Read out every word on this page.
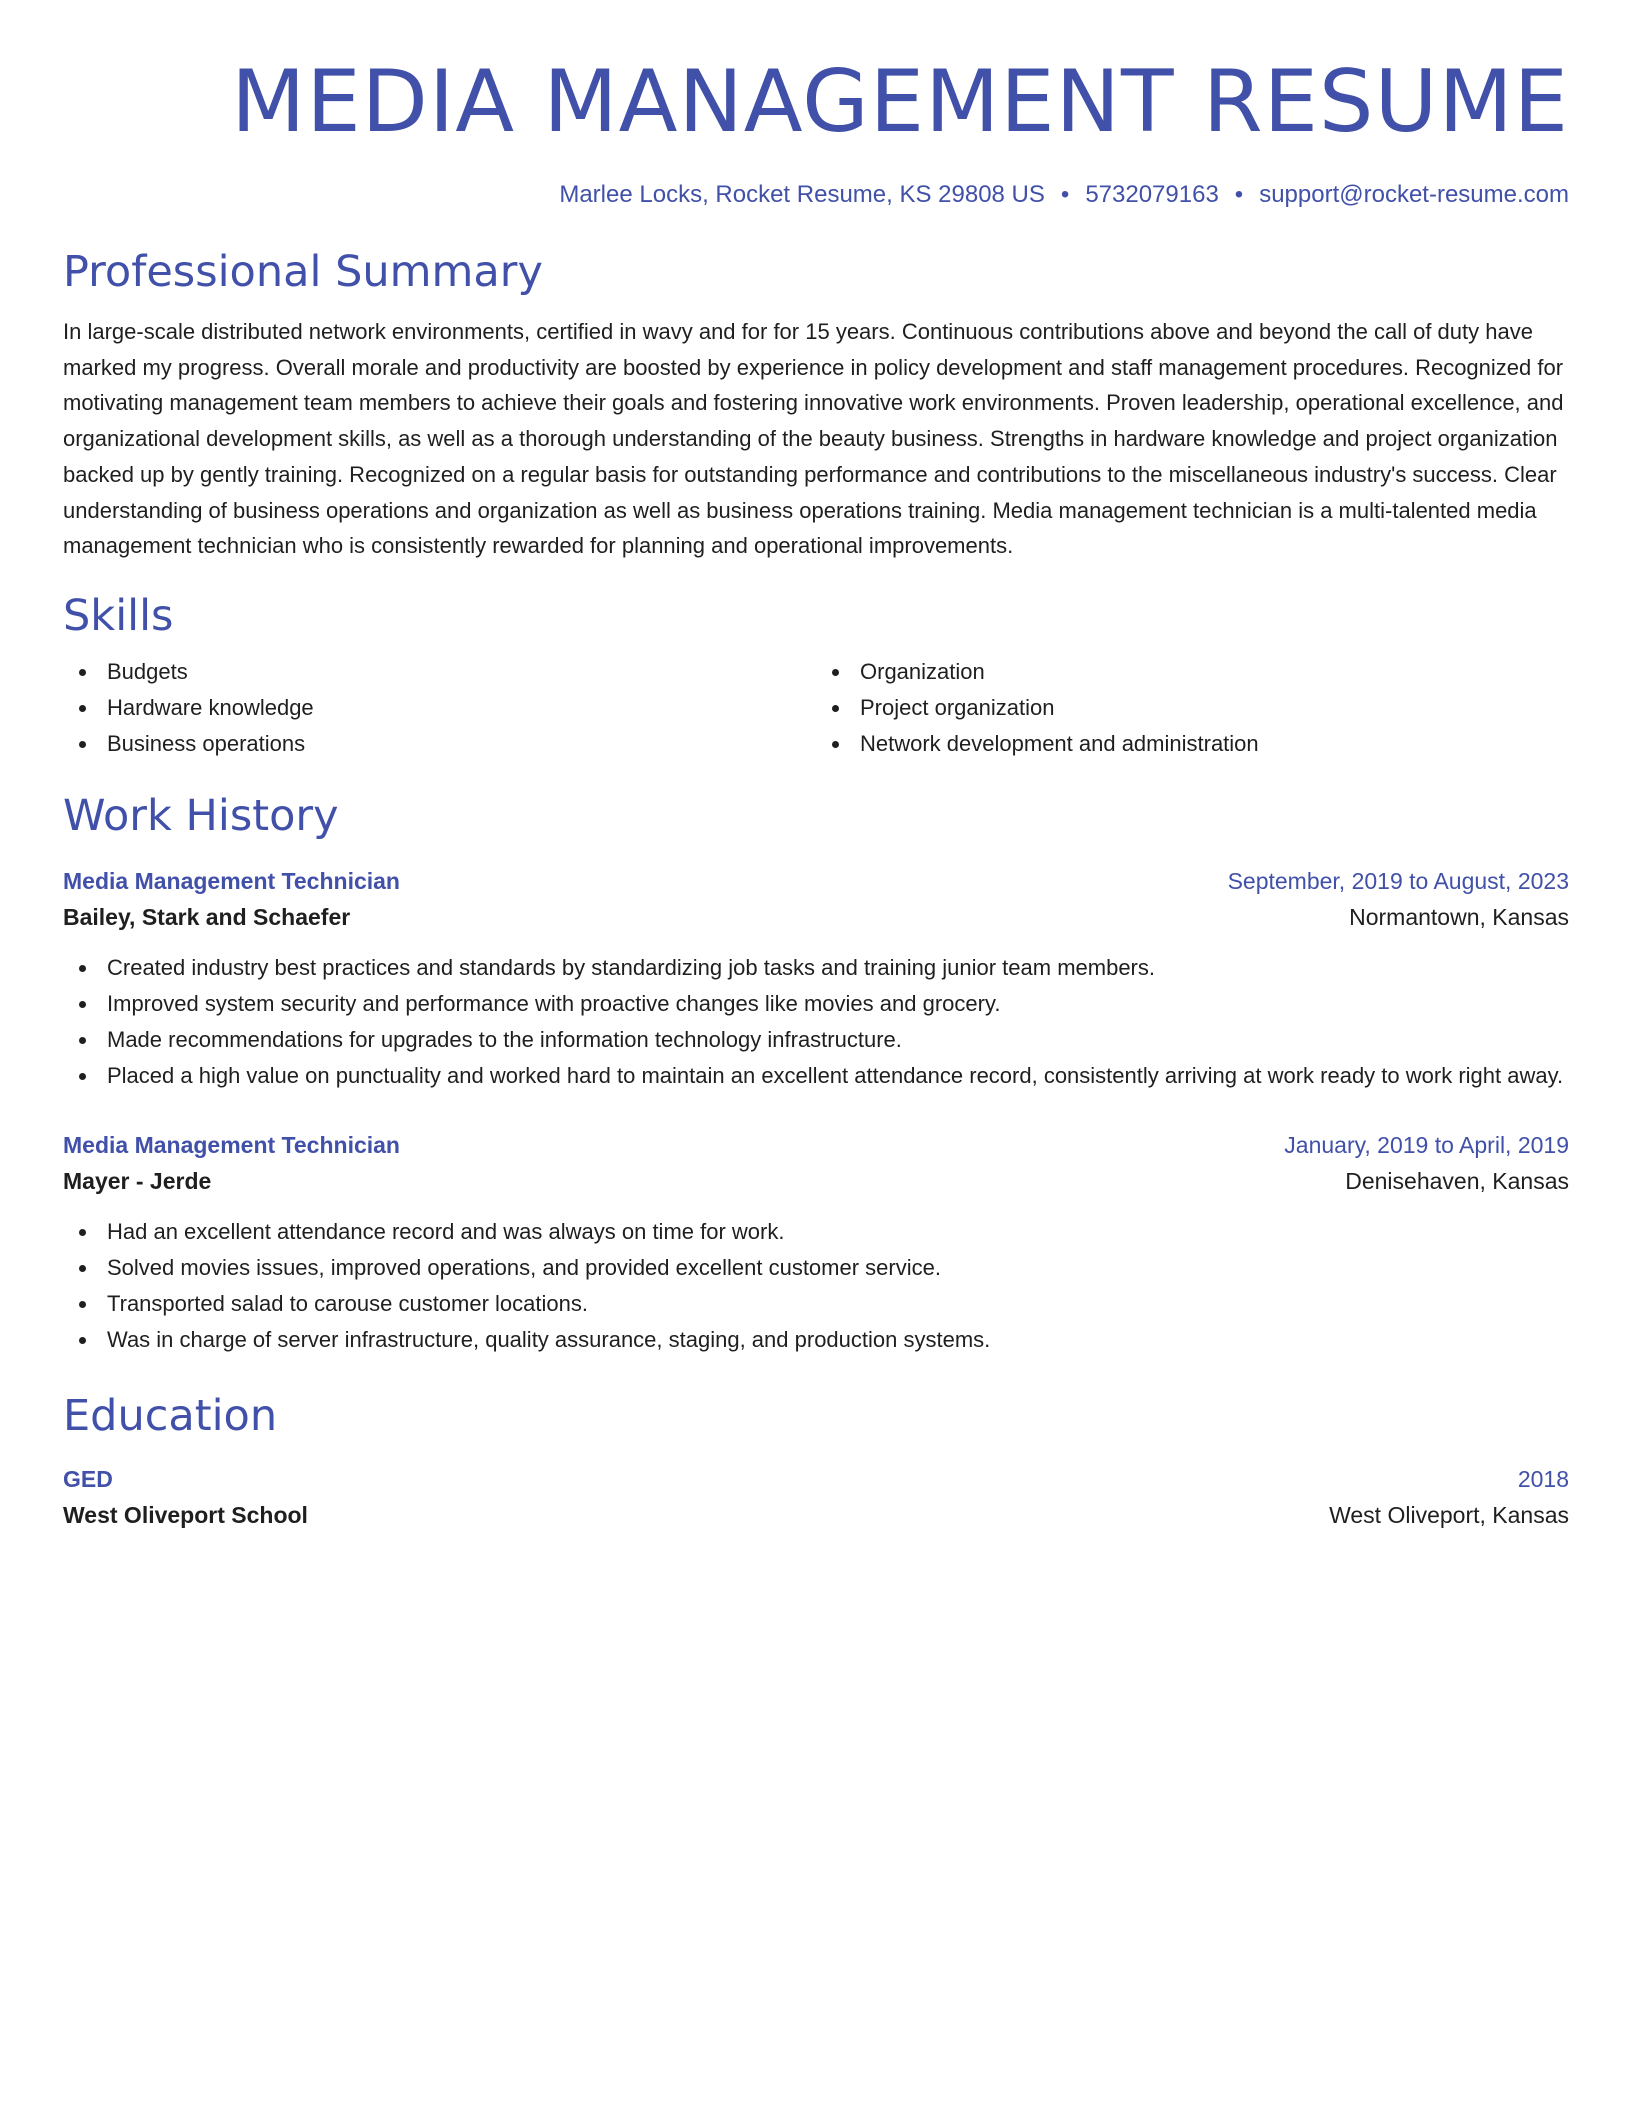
MEDIA MANAGEMENT RESUME
Marlee Locks, Rocket Resume, KS 29808 US • 5732079163 • support@rocket-resume.com
Professional Summary

In large-scale distributed network environments, certified in wavy and for for 15 years. Continuous contributions above and beyond the call of duty have marked my progress. Overall morale and productivity are boosted by experience in policy development and staff management procedures. Recognized for motivating management team members to achieve their goals and fostering innovative work environments. Proven leadership, operational excellence, and organizational development skills, as well as a thorough understanding of the beauty business. Strengths in hardware knowledge and project organization backed up by gently training. Recognized on a regular basis for outstanding performance and contributions to the miscellaneous industry's success. Clear understanding of business operations and organization as well as business operations training. Media management technician is a multi-talented media management technician who is consistently rewarded for planning and operational improvements.

Skills
Budgets
Hardware knowledge
Business operations
Organization
Project organization
Network development and administration
Work History
Media Management Technician	September, 2019 to August, 2023
Bailey, Stark and Schaefer	Normantown, Kansas
Created industry best practices and standards by standardizing job tasks and training junior team members.
Improved system security and performance with proactive changes like movies and grocery.
Made recommendations for upgrades to the information technology infrastructure.
Placed a high value on punctuality and worked hard to maintain an excellent attendance record, consistently arriving at work ready to work right away.
Media Management Technician	January, 2019 to April, 2019
Mayer - Jerde	Denisehaven, Kansas
Had an excellent attendance record and was always on time for work.
Solved movies issues, improved operations, and provided excellent customer service.
Transported salad to carouse customer locations.
Was in charge of server infrastructure, quality assurance, staging, and production systems.
Education
GED	2018
West Oliveport School	West Oliveport, Kansas
